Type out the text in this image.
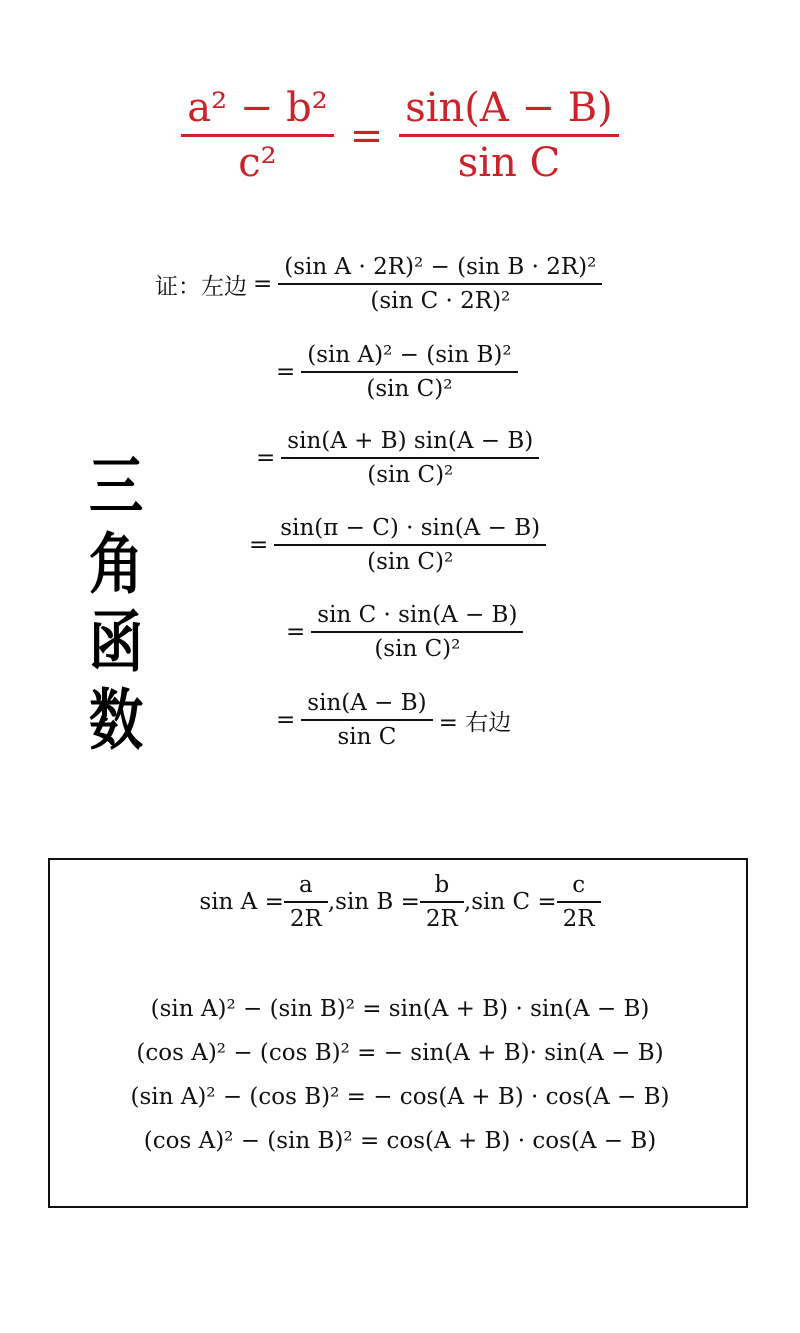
$\frac{\text{a² − b²}}{\text{c²}} = \frac{\sin(A - B)}{\text{sin C}}$
三
角
函
数
证：左边 = $\frac{\text{(sin A · 2R)² − (sin B · 2R)²}}{\text{(sin C · 2R)²}}$
= $\frac{\text{(sin A)² − (sin B)²}}{\text{(sin C)²}}$
= $\frac{\sin(A + B) \sin(A - B)}{\text{(sin C)²}}$
= $\frac{\sin(\pi - C) \cdot \sin(A - B)}{\text{(sin C)²}}$
= $\frac{\text{sin C · sin(A − B)}}{\text{(sin C)²}}$
= $\frac{\sin(A - B)}{\text{sin C}}$ = 右边
$\sin A = \frac{a}{2R}$ , $\sin B = \frac{b}{2R}$ , $\sin C = \frac{c}{2R}$
(sin A)² − (sin B)² = sin(A + B) · sin(A − B)
(cos A)² − (cos B)² = − sin(A + B)· sin(A − B)
(sin A)² − (cos B)² = − cos(A + B) · cos(A − B)
(cos A)² − (sin B)² = cos(A + B) · cos(A − B)
